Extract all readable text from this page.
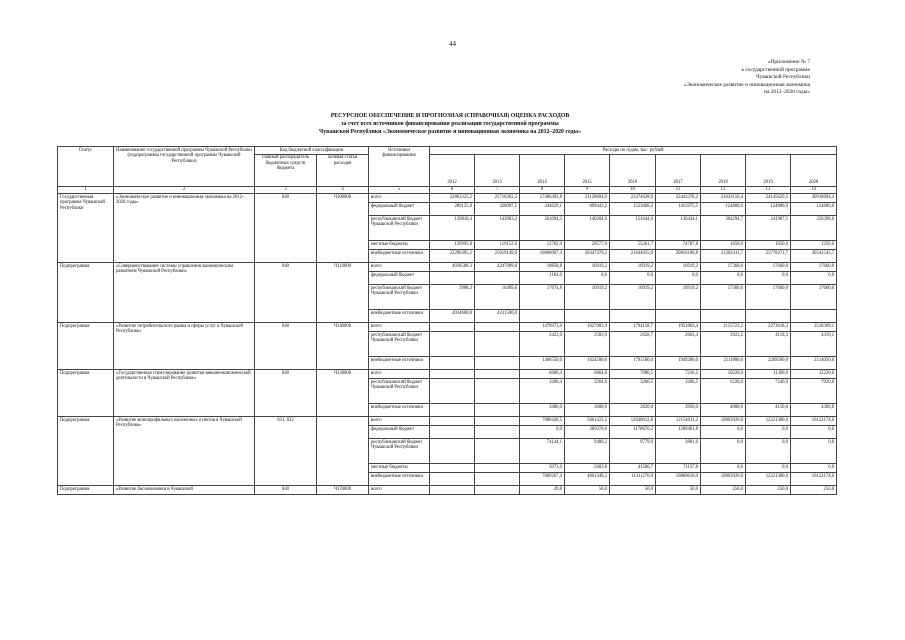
44
«Приложение № 7
к государственной программе
Чувашской Республики
«Экономическое развитие и инновационная экономика
на 2012–2020 годы»
РЕСУРСНОЕ ОБЕСПЕЧЕНИЕ И ПРОГНОЗНАЯ (СПРАВОЧНАЯ) ОЦЕНКА РАСХОДОВ
за счет всех источников финансирования реализации государственной программы
Чувашской Республики «Экономическое развитие и инновационная экономика на 2012–2020 годы»
Статус	Наименование государственной программы Чувашской Республики (подпрограммы государственной программы Чувашской Республики)	Код бюджетной классификации		Источники финансирования	Расходы по годам, тыс. рублей								
		главный распорядитель бюджетных средств бюджета	целевая статья расходов		2012	2013	2014	2015	2016	2017	2018	2019	2020
1	2	3	4	5	6	7	8	9	10	11	12	13	14
Государственная программа Чувашской Республики	«Экономическое развитие и инновационная экономика на 2012–2020 годы»	840	Ч100000	всего	22863325,2	25710392,3	17486492,8	21128604,9	23374628,9	22443378,2	21633156,4	24145629,5	30918694,4
				федеральный бюджет	289125,8	428097,5	344629,1	609443,2	1523668,2	1415975,5	124800,0	124800,0	124800,0
				республиканский бюджет Чувашской Республики	139810,4	143903,2	261094,3	140204,6	151644,0	136434,1	304294,7	241907,5	250398,6
				местные бюджеты	139993,8	119152,0	12702,0	29577,9	55261,7	74787,8	1650,0	1650,0	1250,0
				внебюджетные источники	22296395,2	25019149,6	16868067,4	20347379,2	21644055,0	20816180,8	21202411,7	23778271,7	30542545,7
Подпрограмма	«Совершенствование системы управления экономическим развитием Чувашской Республики»	840	Ч110000	всего	4038508,3	4247009,6	18858,8	16919,2	16919,2	16919,2	17360,0	17660,0	17660,0
				федеральный бюджет			1184,0	0,0	0,0	0,0	0,0	0,0	0,0
				республиканский бюджет Чувашской Республики	3908,3	16409,6	17674,8	16919,2	16919,2	16919,2	17360,0	17660,0	17660,0
				внебюджетные источники	4034600,0	4231500,0							
Подпрограмма	«Развитие потребительского рынка и сферы услуг в Чувашской Республике»	840	Ч140000	всего			1470973,0	1627083,9	1794158,7	1951863,4	2115723,2	2273618,3	2518369,1
				республиканский бюджет Чувашской Республики			2423,0	2583,9	2658,7	2663,4	3923,2	4118,3	4319,1
				внебюджетные источники			1468550,0	1624500,0	1791500,0	1949200,0	2111800,0	2269500,0	2514050,0
Подпрограмма	«Государственная стимулирование развития внешнеэкономической деятельности в Чувашской Республике»	840	Ч130000	всего			6600,4	6864,6	7086,5	7216,5	10220,0	11390,0	12220,0
				республиканский бюджет Чувашской Республики			3200,4	3264,6	3266,5	3266,5	6220,0	7240,0	7920,0
				внебюджетные источники			3400,0	3600,0	3820,0	3950,0	4000,0	4150,0	4300,0
Подпрограмма	«Развитие монопрофильных населенных пунктов в Чувашской Республике»	831, 832		всего			7088428,5	5061423,2	12640612,8	12154011,2	10863920,0	12221380,0	16122174,0
				федеральный бюджет			0,0	285070,0	1178670,2	1209401,8	0,0	0,0	0,0
				республиканский бюджет Чувашской Республики			74144,1	9400,2	9779,9	3881,6	0,0	0,0	0,0
				местные бюджеты			5073,0	5603,8	41586,7	71137,8	0,0	0,0	0,0
				внебюджетные источники			7009267,4	4861349,2	11411270,0	10869610,0	10863920,0	12221380,0	16122174,0
Подпрограмма	«Развитие биоэкономики в Чувашской	840	Ч170000	всего			49,8	50,0	50,0	50,0	250,0	250,0	250,0
